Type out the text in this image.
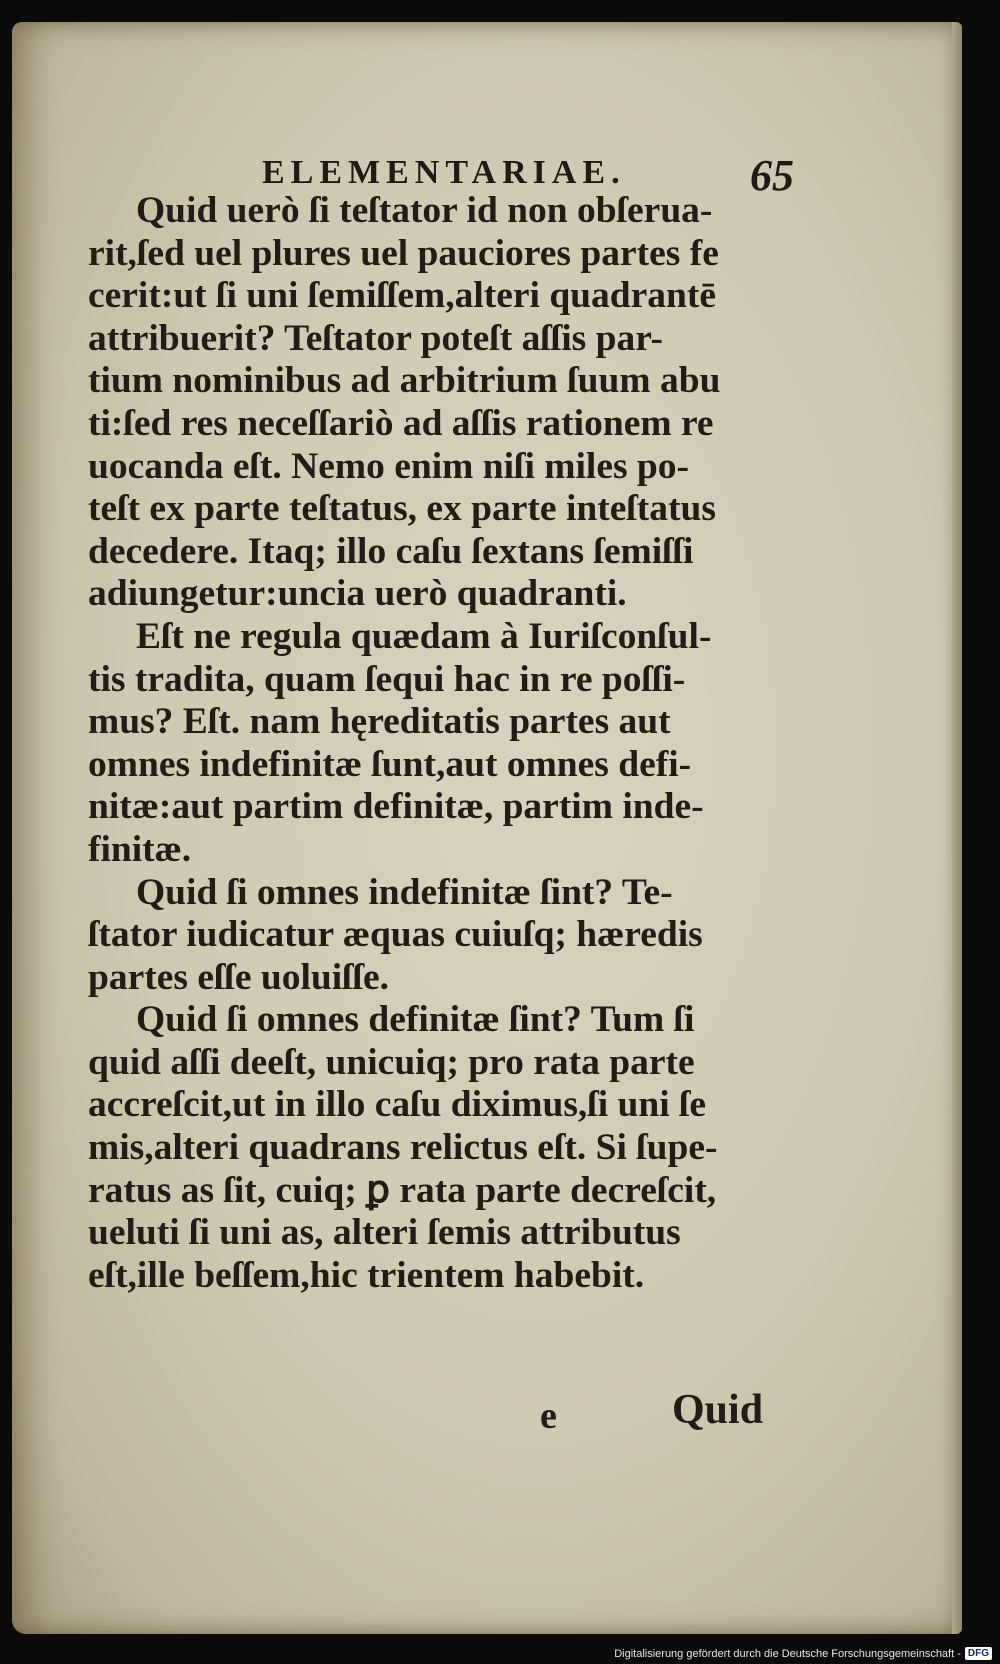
ELEMENTARIAE.	65
Quid uerò ſi teſtator id non obſerua-
rit,ſed uel plures uel pauciores partes fe
cerit:ut ſi uni ſemiſſem,alteri quadrantē
attribuerit? Teſtator poteſt aſſis par-
tium nominibus ad arbitrium ſuum abu
ti:ſed res neceſſariò ad aſſis rationem re
uocanda eſt. Nemo enim niſi miles po-
teſt ex parte teſtatus, ex parte inteſtatus
decedere. Itaq; illo caſu ſextans ſemiſſi
adiungetur:uncia uerò quadranti.
Eſt ne regula quædam à Iuriſconſul-
tis tradita, quam ſequi hac in re poſſi-
mus? Eſt. nam hęreditatis partes aut
omnes indefinitæ ſunt,aut omnes defi-
nitæ:aut partim definitæ, partim inde-
finitæ.
Quid ſi omnes indefinitæ ſint? Te-
ſtator iudicatur æquas cuiuſq; hæredis
partes eſſe uoluiſſe.
Quid ſi omnes definitæ ſint? Tum ſi
quid aſſi deeſt, unicuiq; pro rata parte
accreſcit,ut in illo caſu diximus,ſi uni ſe
mis,alteri quadrans relictus eſt. Si ſupe-
ratus as ſit, cuiq; ꝑ rata parte decreſcit,
ueluti ſi uni as, alteri ſemis attributus
eſt,ille beſſem,hic trientem habebit.
e	Quid
Digitalisierung gefördert durch die Deutsche Forschungsgemeinschaft - DFG
